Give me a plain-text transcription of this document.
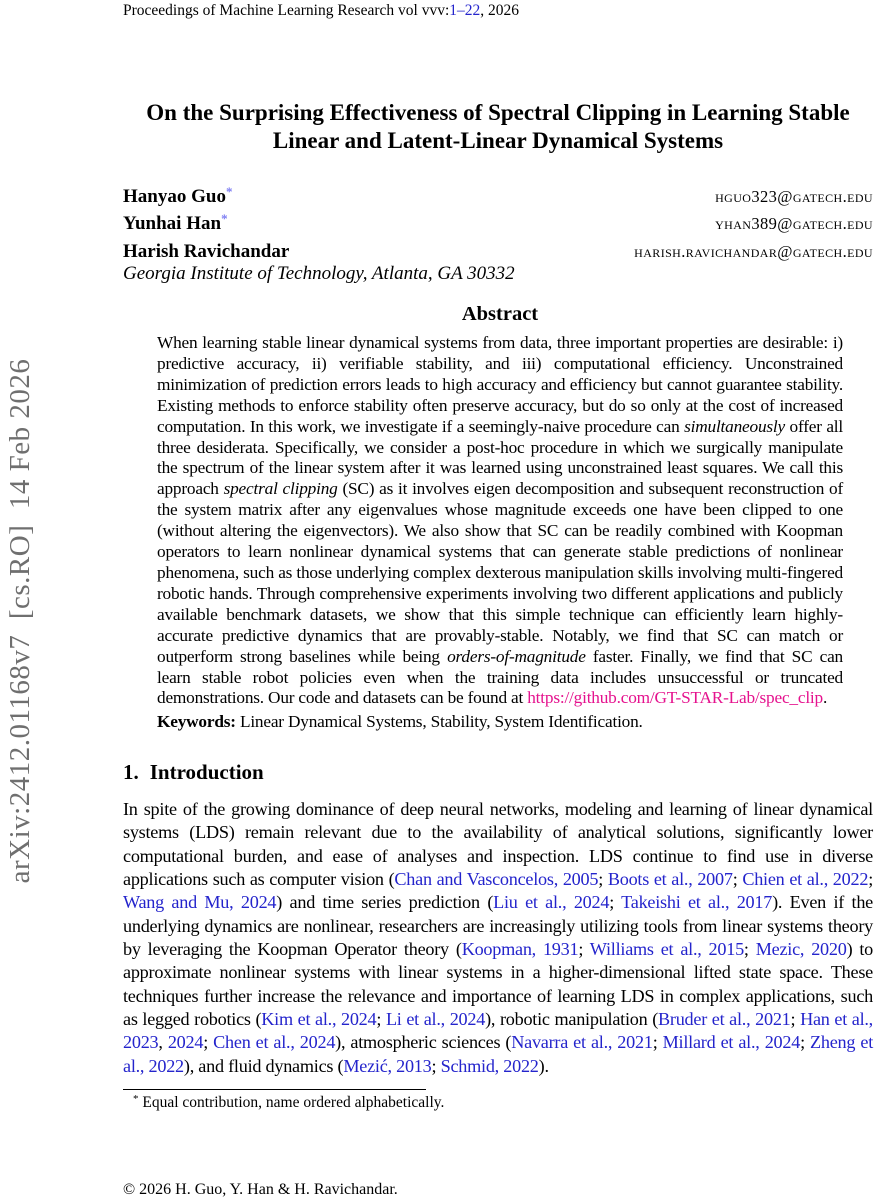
Proceedings of Machine Learning Research vol vvv:1–22, 2026
arXiv:2412.01168v7  [cs.RO]  14 Feb 2026
On the Surprising Effectiveness of Spectral Clipping in Learning Stable
Linear and Latent-Linear Dynamical Systems
Hanyao Guo*	hguo323@gatech.edu
Yunhai Han*	yhan389@gatech.edu
Harish Ravichandar	harish.ravichandar@gatech.edu
Georgia Institute of Technology, Atlanta, GA 30332
Abstract

When learning stable linear dynamical systems from data, three important properties are desirable: i) predictive accuracy, ii) verifiable stability, and iii) computational efficiency. Unconstrained minimization of prediction errors leads to high accuracy and efficiency but cannot guarantee stability. Existing methods to enforce stability often preserve accuracy, but do so only at the cost of increased computation. In this work, we investigate if a seemingly-naive procedure can simultaneously offer all three desiderata. Specifically, we consider a post-hoc procedure in which we surgically manipulate the spectrum of the linear system after it was learned using unconstrained least squares. We call this approach spectral clipping (SC) as it involves eigen decomposition and subsequent reconstruction of the system matrix after any eigenvalues whose magnitude exceeds one have been clipped to one (without altering the eigenvectors). We also show that SC can be readily combined with Koopman operators to learn nonlinear dynamical systems that can generate stable predictions of nonlinear phenomena, such as those underlying complex dexterous manipulation skills involving multi-fingered robotic hands. Through comprehensive experiments involving two different applications and publicly available benchmark datasets, we show that this simple technique can efficiently learn highly-accurate predictive dynamics that are provably-stable. Notably, we find that SC can match or outperform strong baselines while being orders-of-magnitude faster. Finally, we find that SC can learn stable robot policies even when the training data includes unsuccessful or truncated demonstrations. Our code and datasets can be found at https://github.com/GT-STAR-Lab/spec_clip.

Keywords: Linear Dynamical Systems, Stability, System Identification.

1. Introduction

In spite of the growing dominance of deep neural networks, modeling and learning of linear dynamical systems (LDS) remain relevant due to the availability of analytical solutions, significantly lower computational burden, and ease of analyses and inspection. LDS continue to find use in diverse applications such as computer vision (Chan and Vasconcelos, 2005; Boots et al., 2007; Chien et al., 2022; Wang and Mu, 2024) and time series prediction (Liu et al., 2024; Takeishi et al., 2017). Even if the underlying dynamics are nonlinear, researchers are increasingly utilizing tools from linear systems theory by leveraging the Koopman Operator theory (Koopman, 1931; Williams et al., 2015; Mezic, 2020) to approximate nonlinear systems with linear systems in a higher-dimensional lifted state space. These techniques further increase the relevance and importance of learning LDS in complex applications, such as legged robotics (Kim et al., 2024; Li et al., 2024), robotic manipulation (Bruder et al., 2021; Han et al., 2023, 2024; Chen et al., 2024), atmospheric sciences (Navarra et al., 2021; Millard et al., 2024; Zheng et al., 2022), and fluid dynamics (Mezić, 2013; Schmid, 2022).

* Equal contribution, name ordered alphabetically.
© 2026 H. Guo, Y. Han & H. Ravichandar.
